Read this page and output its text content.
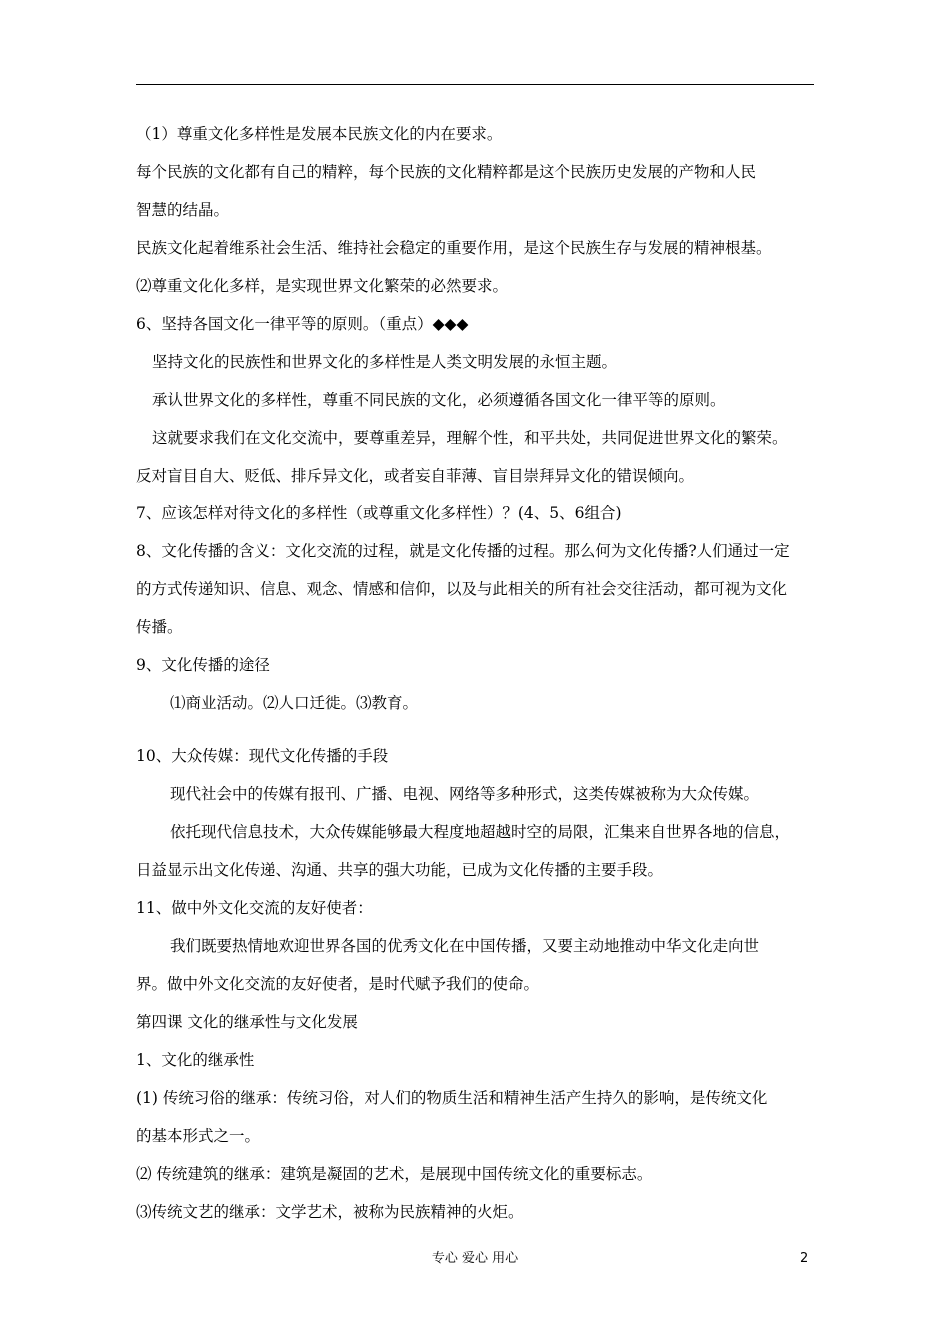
（1）尊重文化多样性是发展本民族文化的内在要求。
每个民族的文化都有自己的精粹，每个民族的文化精粹都是这个民族历史发展的产物和人民
智慧的结晶。
民族文化起着维系社会生活、维持社会稳定的重要作用，是这个民族生存与发展的精神根基。
⑵尊重文化化多样，是实现世界文化繁荣的必然要求。
6、坚持各国文化一律平等的原则。（重点）◆◆◆
坚持文化的民族性和世界文化的多样性是人类文明发展的永恒主题。
承认世界文化的多样性，尊重不同民族的文化，必须遵循各国文化一律平等的原则。
这就要求我们在文化交流中，要尊重差异，理解个性，和平共处，共同促进世界文化的繁荣。
反对盲目自大、贬低、排斥异文化，或者妄自菲薄、盲目崇拜异文化的错误倾向。
7、应该怎样对待文化的多样性（或尊重文化多样性）？(4、5、6组合)
8、文化传播的含义：文化交流的过程，就是文化传播的过程。那么何为文化传播?人们通过一定
的方式传递知识、信息、观念、情感和信仰，以及与此相关的所有社会交往活动，都可视为文化
传播。
9、文化传播的途径
⑴商业活动。⑵人口迁徙。⑶教育。
10、大众传媒：现代文化传播的手段
现代社会中的传媒有报刊、广播、电视、网络等多种形式，这类传媒被称为大众传媒。
依托现代信息技术，大众传媒能够最大程度地超越时空的局限，汇集来自世界各地的信息，
日益显示出文化传递、沟通、共享的强大功能，已成为文化传播的主要手段。
11、做中外文化交流的友好使者：
我们既要热情地欢迎世界各国的优秀文化在中国传播，又要主动地推动中华文化走向世
界。做中外文化交流的友好使者，是时代赋予我们的使命。
第四课 文化的继承性与文化发展
1、文化的继承性
(1) 传统习俗的继承：传统习俗，对人们的物质生活和精神生活产生持久的影响，是传统文化
的基本形式之一。
⑵ 传统建筑的继承：建筑是凝固的艺术，是展现中国传统文化的重要标志。
⑶传统文艺的继承：文学艺术，被称为民族精神的火炬。
专心 爱心 用心	2
